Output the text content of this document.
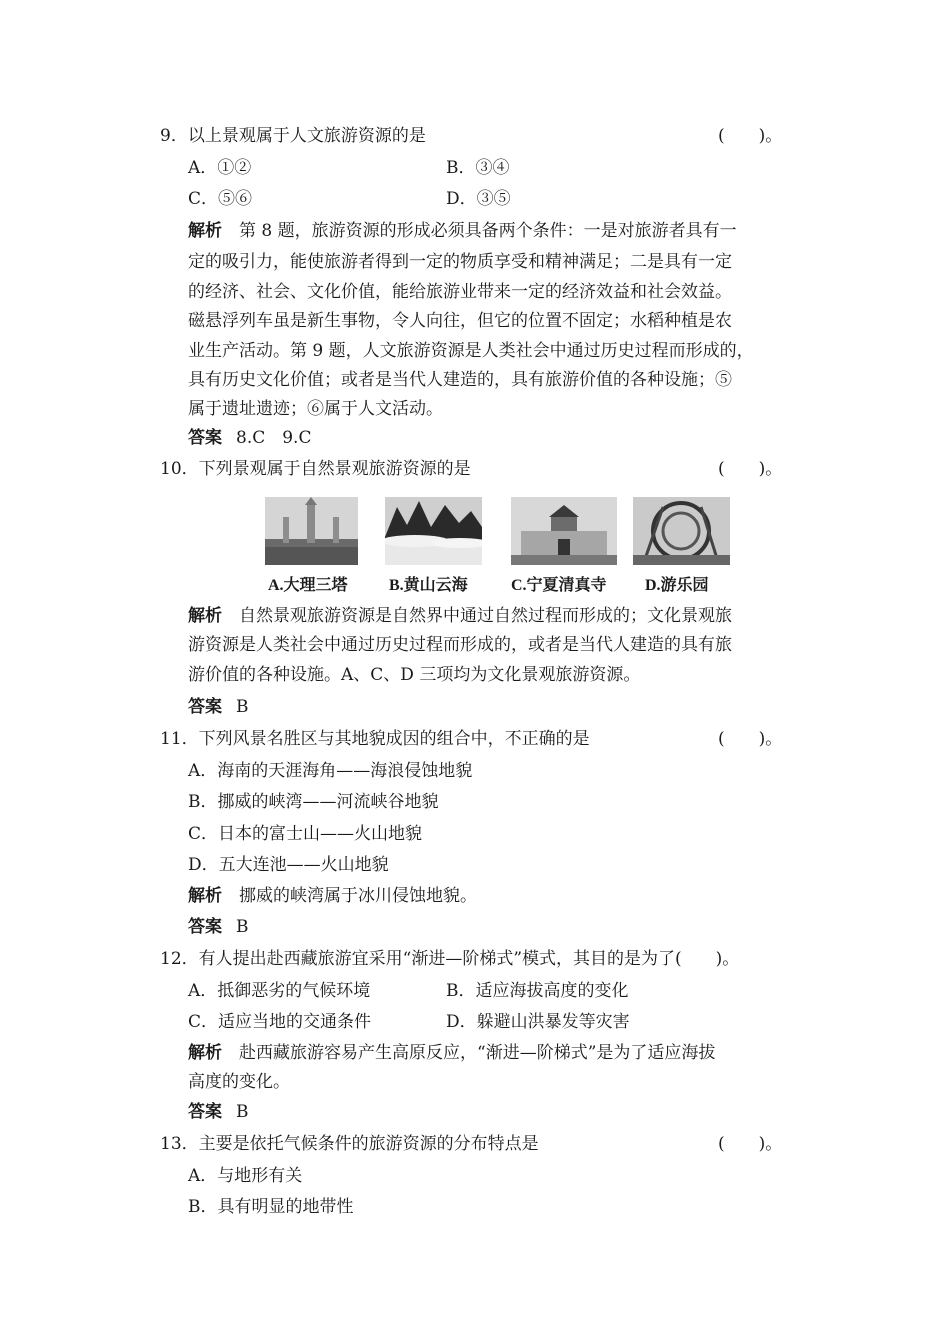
9．以上景观属于人文旅游资源的是	(　　)。
A．①②	B．③④
C．⑤⑥	D．③⑤
解析　 第 8 题，旅游资源的形成必须具备两个条件：一是对旅游者具有一
定的吸引力，能使旅游者得到一定的物质享受和精神满足；二是具有一定
的经济、社会、文化价值，能给旅游业带来一定的经济效益和社会效益。
磁悬浮列车虽是新生事物，令人向往，但它的位置不固定；水稻种植是农
业生产活动。第 9 题，人文旅游资源是人类社会中通过历史过程而形成的，
具有历史文化价值；或者是当代人建造的，具有旅游价值的各种设施；⑤
属于遗址遗迹；⑥属于人文活动。
答案 8.C　9.C
10．下列景观属于自然景观旅游资源的是	(　　)。
A.大理三塔	B.黄山云海	C.宁夏清真寺 D.游乐园
解析　 自然景观旅游资源是自然界中通过自然过程而形成的；文化景观旅
游资源是人类社会中通过历史过程而形成的，或者是当代人建造的具有旅
游价值的各种设施。A、C、D 三项均为文化景观旅游资源。
答案 B
11．下列风景名胜区与其地貌成因的组合中，不正确的是	(　　)。
A．海南的天涯海角——海浪侵蚀地貌
B．挪威的峡湾——河流峡谷地貌
C．日本的富士山——火山地貌
D．五大连池——火山地貌
解析　 挪威的峡湾属于冰川侵蚀地貌。
答案 B
12．有人提出赴西藏旅游宜采用“渐进—阶梯式”模式，其目的是为了(　　)。
A．抵御恶劣的气候环境	B．适应海拔高度的变化
C．适应当地的交通条件	D．躲避山洪暴发等灾害
解析　 赴西藏旅游容易产生高原反应，“渐进—阶梯式”是为了适应海拔
高度的变化。
答案 B
13．主要是依托气候条件的旅游资源的分布特点是	(　　)。
A．与地形有关
B．具有明显的地带性
